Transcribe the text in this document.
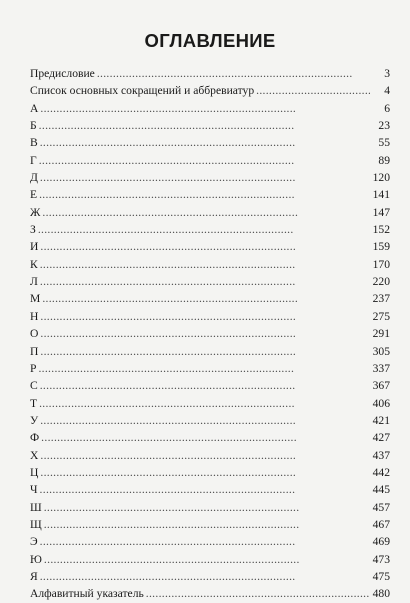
ОГЛАВЛЕНИЕ
Предисловие . . .	3
Список основных сокращений и аббревиатур . . .	4
А . . .	6
Б . . .	23
В . . .	55
Г . . .	89
Д . . .	120
Е . . .	141
Ж . . .	147
З . . .	152
И . . .	159
К . . .	170
Л . . .	220
М . . .	237
Н . . .	275
О . . .	291
П . . .	305
Р . . .	337
С . . .	367
Т . . .	406
У . . .	421
Ф . . .	427
Х . . .	437
Ц . . .	442
Ч . . .	445
Ш . . .	457
Щ . . .	467
Э . . .	469
Ю . . .	473
Я . . .	475
Алфавитный указатель . . .	480
